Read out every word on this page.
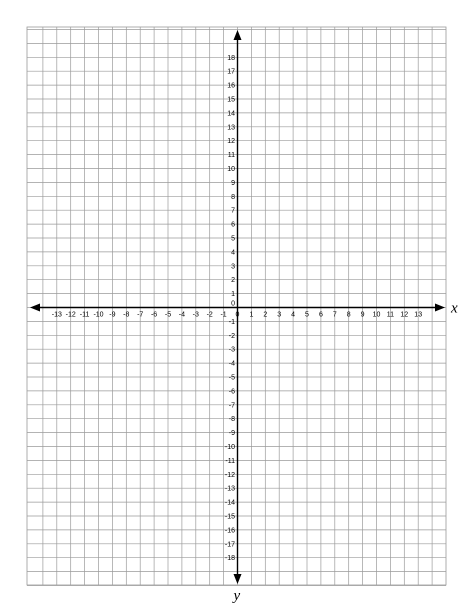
-13 -12 -11 -10 -9 -8 -7 -6 -5 -4 -3 -2 -1	1 2 3 4 5 6 7 8 9 10 11 12 13
0
0
-18
-17
-16
-15
-14
-13
-12
-11
-10
-9
-8
-7
-6
-5
-4
-3
-2
-1
1
2
3
4
5
6
7
8
9
10
11
12
13
14
15
16
17
18
x
y
